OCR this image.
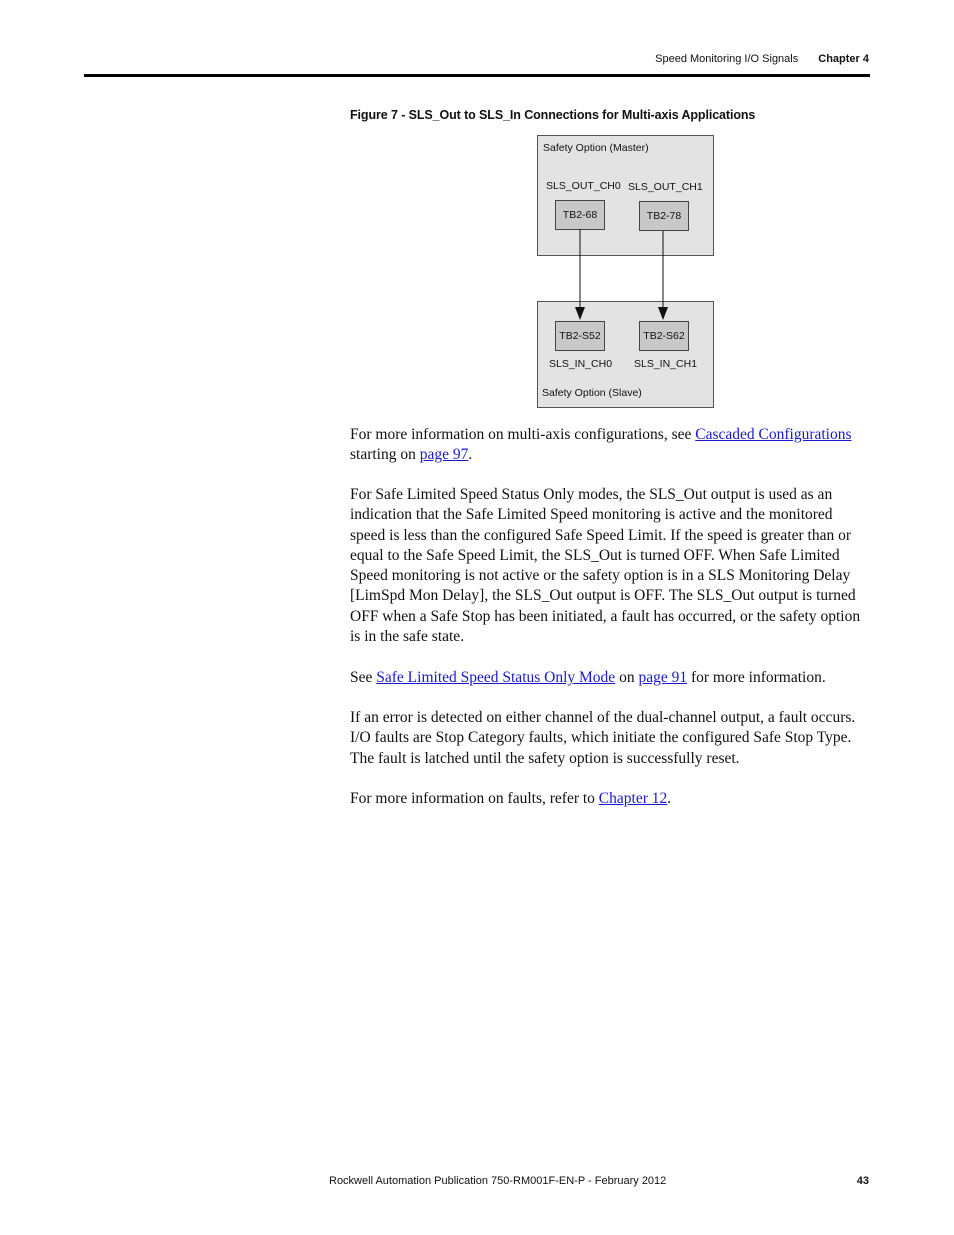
Speed Monitoring I/O Signals Chapter 4
Figure 7 - SLS_Out to SLS_In Connections for Multi-axis Applications
Safety Option (Master)
SLS_OUT_CH0 SLS_OUT_CH1
TB2-68	TB2-78
TB2-S52	TB2-S62
SLS_IN_CH0 SLS_IN_CH1
Safety Option (Slave)

For more information on multi-axis configurations, see Cascaded Configurations starting on page 97.

For Safe Limited Speed Status Only modes, the SLS_Out output is used as an indication that the Safe Limited Speed monitoring is active and the monitored speed is less than the configured Safe Speed Limit. If the speed is greater than or equal to the Safe Speed Limit, the SLS_Out is turned OFF. When Safe Limited Speed monitoring is not active or the safety option is in a SLS Monitoring Delay [LimSpd Mon Delay], the SLS_Out output is OFF. The SLS_Out output is turned OFF when a Safe Stop has been initiated, a fault has occurred, or the safety option is in the safe state.

See Safe Limited Speed Status Only Mode on page 91 for more information.

If an error is detected on either channel of the dual-channel output, a fault occurs. I/O faults are Stop Category faults, which initiate the configured Safe Stop Type. The fault is latched until the safety option is successfully reset.

For more information on faults, refer to Chapter 12.

Rockwell Automation Publication 750-RM001F-EN-P - February 2012	43
